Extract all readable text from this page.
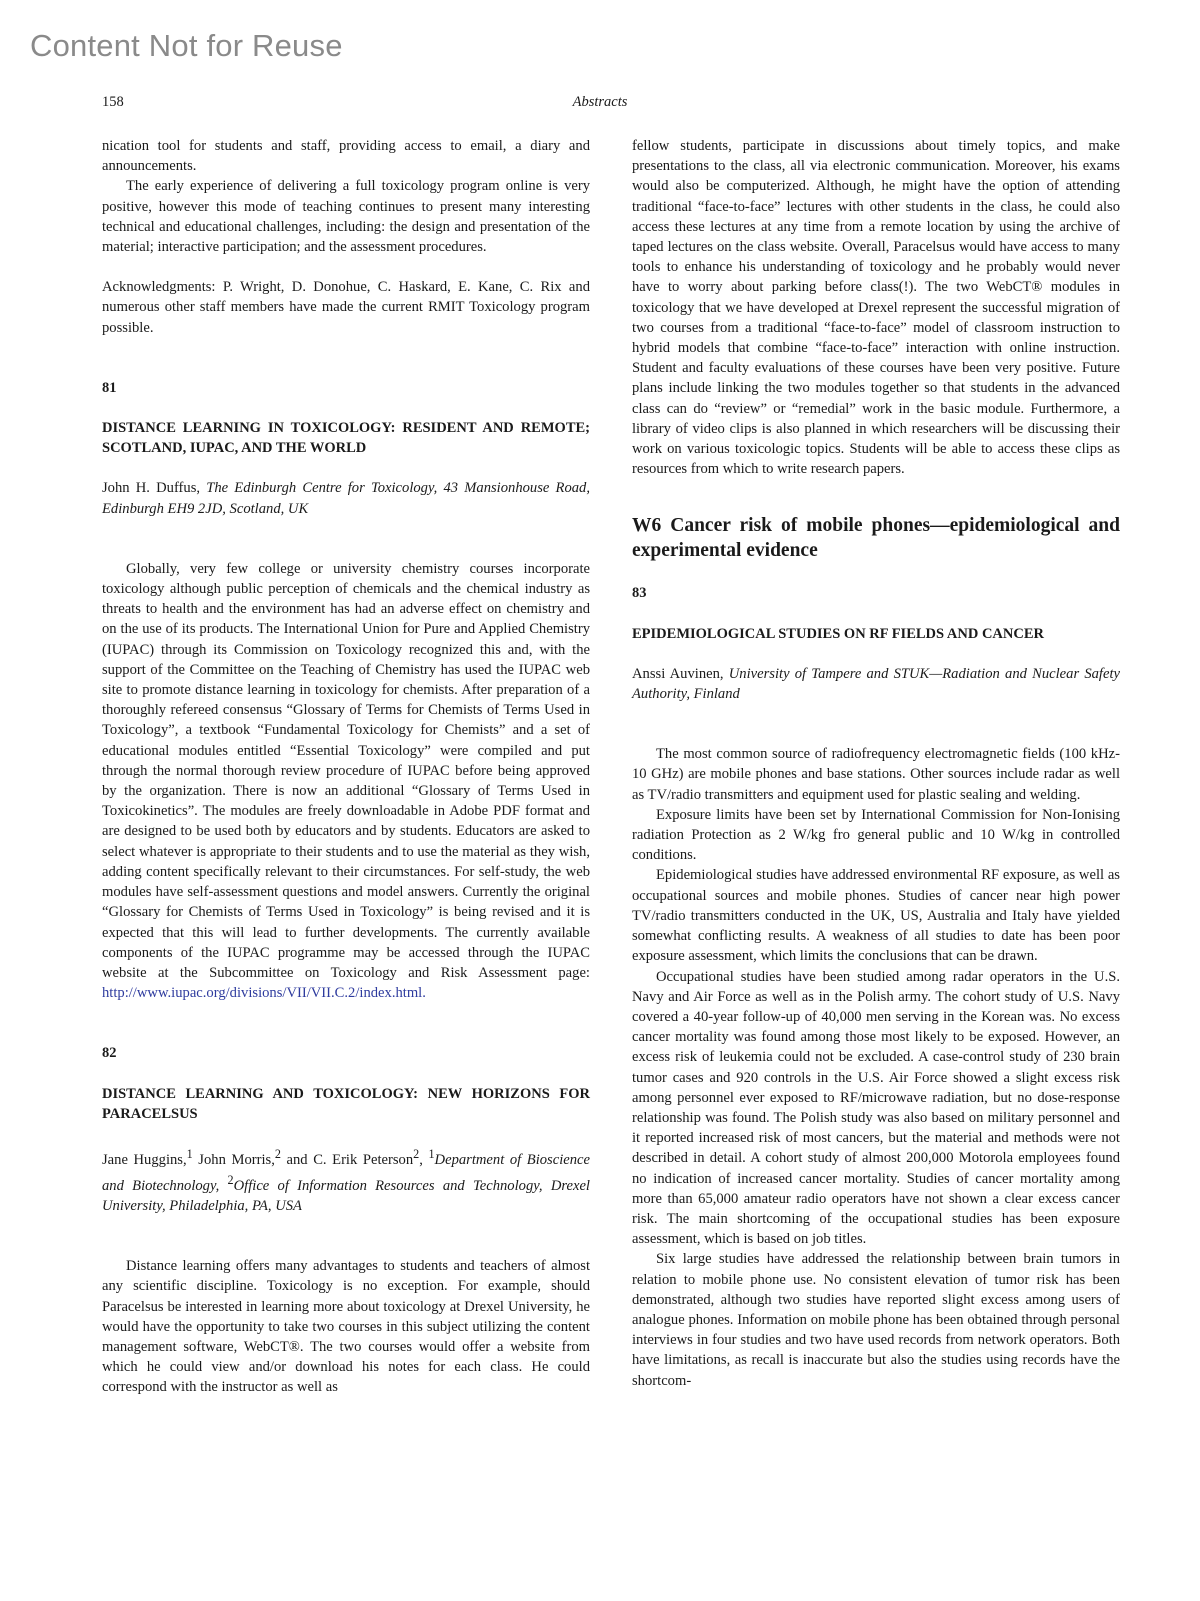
Content Not for Reuse
158	Abstracts

nication tool for students and staff, providing access to email, a diary and announcements.

The early experience of delivering a full toxicology program online is very positive, however this mode of teaching continues to present many interesting technical and educational challenges, including: the design and presentation of the material; interactive participation; and the assessment procedures.

Acknowledgments: P. Wright, D. Donohue, C. Haskard, E. Kane, C. Rix and numerous other staff members have made the current RMIT Toxicology program possible.

81

DISTANCE LEARNING IN TOXICOLOGY: RESIDENT AND REMOTE; SCOTLAND, IUPAC, AND THE WORLD

John H. Duffus, The Edinburgh Centre for Toxicology, 43 Mansionhouse Road, Edinburgh EH9 2JD, Scotland, UK

Globally, very few college or university chemistry courses incorporate toxicology although public perception of chemicals and the chemical industry as threats to health and the environment has had an adverse effect on chemistry and on the use of its products. The International Union for Pure and Applied Chemistry (IUPAC) through its Commission on Toxicology recognized this and, with the support of the Committee on the Teaching of Chemistry has used the IUPAC web site to promote distance learning in toxicology for chemists. After preparation of a thoroughly refereed consensus “Glossary of Terms for Chemists of Terms Used in Toxicology”, a textbook “Fundamental Toxicology for Chemists” and a set of educational modules entitled “Essential Toxicology” were compiled and put through the normal thorough review procedure of IUPAC before being approved by the organization. There is now an additional “Glossary of Terms Used in Toxicokinetics”. The modules are freely downloadable in Adobe PDF format and are designed to be used both by educators and by students. Educators are asked to select whatever is appropriate to their students and to use the material as they wish, adding content specifically relevant to their circumstances. For self-study, the web modules have self-assessment questions and model answers. Currently the original “Glossary for Chemists of Terms Used in Toxicology” is being revised and it is expected that this will lead to further developments. The currently available components of the IUPAC programme may be accessed through the IUPAC website at the Subcommittee on Toxicology and Risk Assessment page: http://www.iupac.org/divisions/VII/VII.C.2/index.html.

82

DISTANCE LEARNING AND TOXICOLOGY: NEW HORIZONS FOR PARACELSUS

Jane Huggins,$^1$ John Morris,$^2$ and C. Erik Peterson$^2$, $^1$Department of Bioscience and Biotechnology, $^2$Office of Information Resources and Technology, Drexel University, Philadelphia, PA, USA

Distance learning offers many advantages to students and teachers of almost any scientific discipline. Toxicology is no exception. For example, should Paracelsus be interested in learning more about toxicology at Drexel University, he would have the opportunity to take two courses in this subject utilizing the content management software, WebCT®. The two courses would offer a website from which he could view and/or download his notes for each class. He could correspond with the instructor as well as

fellow students, participate in discussions about timely topics, and make presentations to the class, all via electronic communication. Moreover, his exams would also be computerized. Although, he might have the option of attending traditional “face-to-face” lectures with other students in the class, he could also access these lectures at any time from a remote location by using the archive of taped lectures on the class website. Overall, Paracelsus would have access to many tools to enhance his understanding of toxicology and he probably would never have to worry about parking before class(!). The two WebCT® modules in toxicology that we have developed at Drexel represent the successful migration of two courses from a traditional “face-to-face” model of classroom instruction to hybrid models that combine “face-to-face” interaction with online instruction. Student and faculty evaluations of these courses have been very positive. Future plans include linking the two modules together so that students in the advanced class can do “review” or “remedial” work in the basic module. Furthermore, a library of video clips is also planned in which researchers will be discussing their work on various toxicologic topics. Students will be able to access these clips as resources from which to write research papers.

W6 Cancer risk of mobile phones—epidemiological and experimental evidence

83

EPIDEMIOLOGICAL STUDIES ON RF FIELDS AND CANCER

Anssi Auvinen, University of Tampere and STUK—Radiation and Nuclear Safety Authority, Finland

The most common source of radiofrequency electromagnetic fields (100 kHz-10 GHz) are mobile phones and base stations. Other sources include radar as well as TV/radio transmitters and equipment used for plastic sealing and welding.

Exposure limits have been set by International Commission for Non-Ionising radiation Protection as 2 W/kg fro general public and 10 W/kg in controlled conditions.

Epidemiological studies have addressed environmental RF exposure, as well as occupational sources and mobile phones. Studies of cancer near high power TV/radio transmitters conducted in the UK, US, Australia and Italy have yielded somewhat conflicting results. A weakness of all studies to date has been poor exposure assessment, which limits the conclusions that can be drawn.

Occupational studies have been studied among radar operators in the U.S. Navy and Air Force as well as in the Polish army. The cohort study of U.S. Navy covered a 40-year follow-up of 40,000 men serving in the Korean was. No excess cancer mortality was found among those most likely to be exposed. However, an excess risk of leukemia could not be excluded. A case-control study of 230 brain tumor cases and 920 controls in the U.S. Air Force showed a slight excess risk among personnel ever exposed to RF/microwave radiation, but no dose-response relationship was found. The Polish study was also based on military personnel and it reported increased risk of most cancers, but the material and methods were not described in detail. A cohort study of almost 200,000 Motorola employees found no indication of increased cancer mortality. Studies of cancer mortality among more than 65,000 amateur radio operators have not shown a clear excess cancer risk. The main shortcoming of the occupational studies has been exposure assessment, which is based on job titles.

Six large studies have addressed the relationship between brain tumors in relation to mobile phone use. No consistent elevation of tumor risk has been demonstrated, although two studies have reported slight excess among users of analogue phones. Information on mobile phone has been obtained through personal interviews in four studies and two have used records from network operators. Both have limitations, as recall is inaccurate but also the studies using records have the shortcom-
